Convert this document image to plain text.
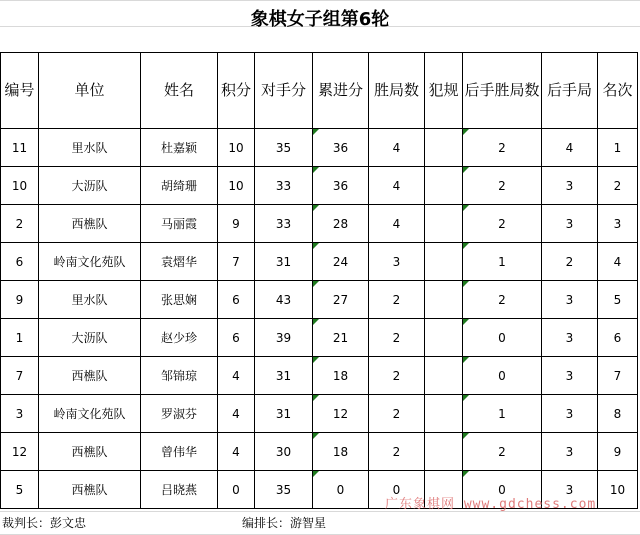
象棋女子组第6轮
编号	单位	姓名	积分	对手分	累进分	胜局数	犯规	后手胜局数	后手局	名次
11	里水队	杜嘉颖	10	35	36	4		2	4	1
10	大沥队	胡绮珊	10	33	36	4		2	3	2
2	西樵队	马丽霞	9	33	28	4		2	3	3
6	岭南文化苑队	袁熠华	7	31	24	3		1	2	4
9	里水队	张思娴	6	43	27	2		2	3	5
1	大沥队	赵少珍	6	39	21	2		0	3	6
7	西樵队	邹锦琼	4	31	18	2		0	3	7
3	岭南文化苑队	罗淑芬	4	31	12	2		1	3	8
12	西樵队	曾伟华	4	30	18	2		2	3	9
5	西樵队	吕晓燕	0	35	0	0		0	3	10
广东象棋网 www.gdchess.com
裁判长：彭文忠	编排长：游智星
